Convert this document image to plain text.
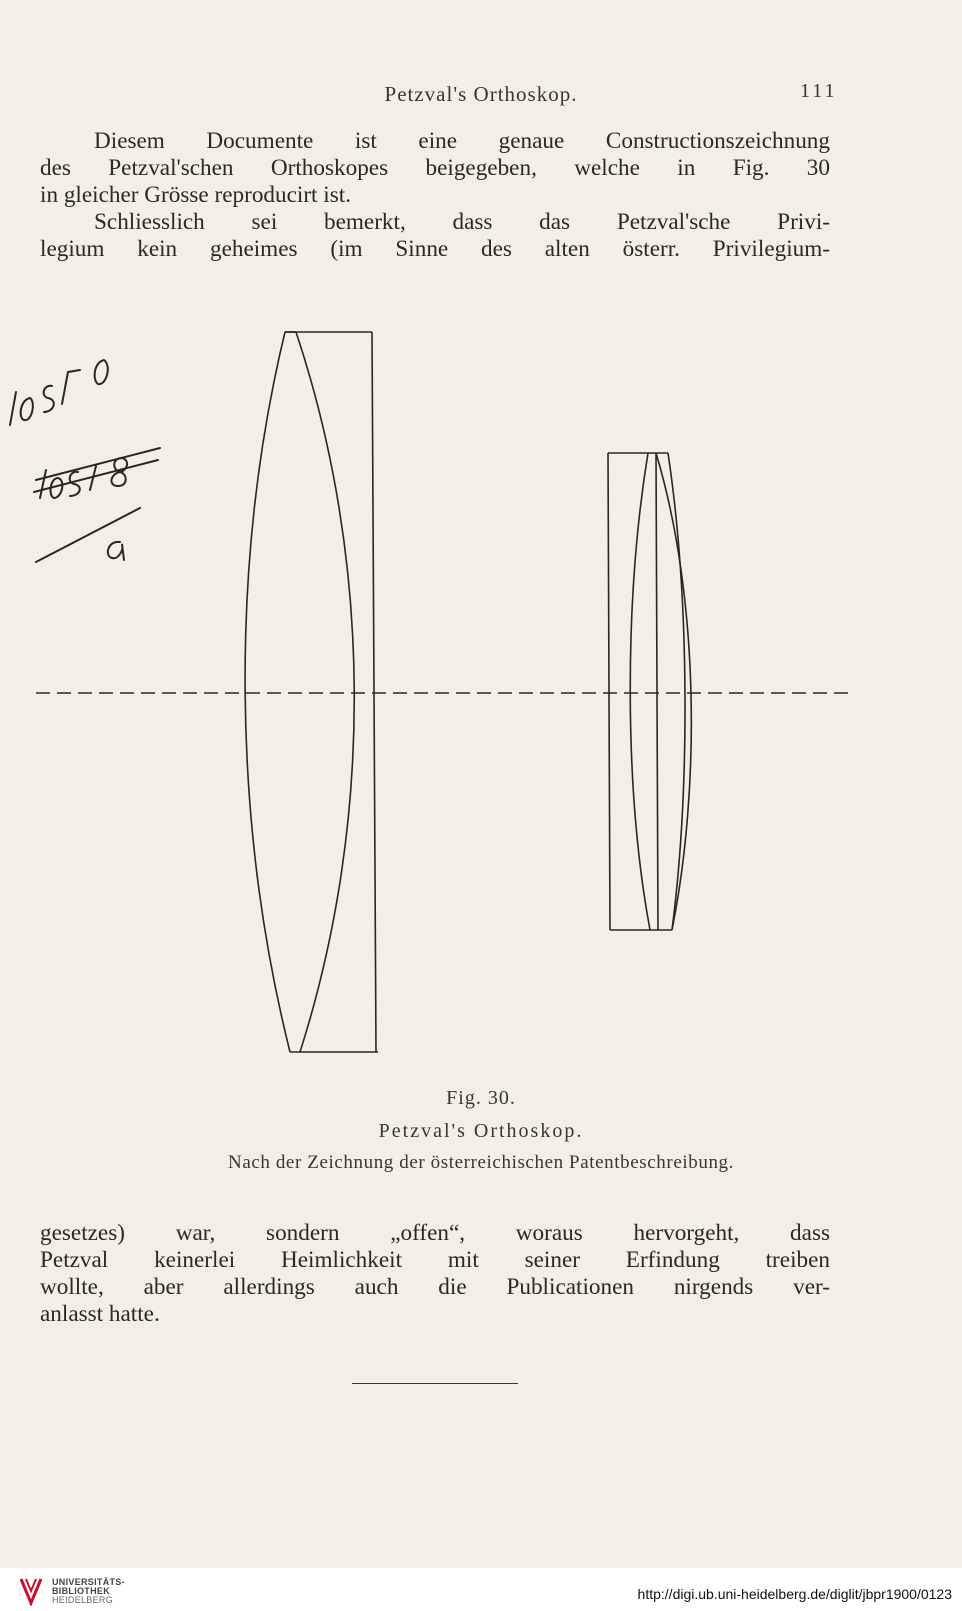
Petzval's Orthoskop.	111
Diesem Documente ist eine genaue Constructionszeichnung
des Petzval'schen Orthoskopes beigegeben, welche in Fig. 30
in gleicher Grösse reproducirt ist.
Schliesslich sei bemerkt, dass das Petzval'sche Privi-
legium kein geheimes (im Sinne des alten österr. Privilegium-
Fig. 30.
Petzval's Orthoskop.
Nach der Zeichnung der österreichischen Patentbeschreibung.
gesetzes) war, sondern „offen“, woraus hervorgeht, dass
Petzval keinerlei Heimlichkeit mit seiner Erfindung treiben
wollte, aber allerdings auch die Publicationen nirgends ver-
anlasst hatte.
UNIVERSITÄTS-
BIBLIOTHEK
HEIDELBERG	http://digi.ub.uni-heidelberg.de/diglit/jbpr1900/0123
